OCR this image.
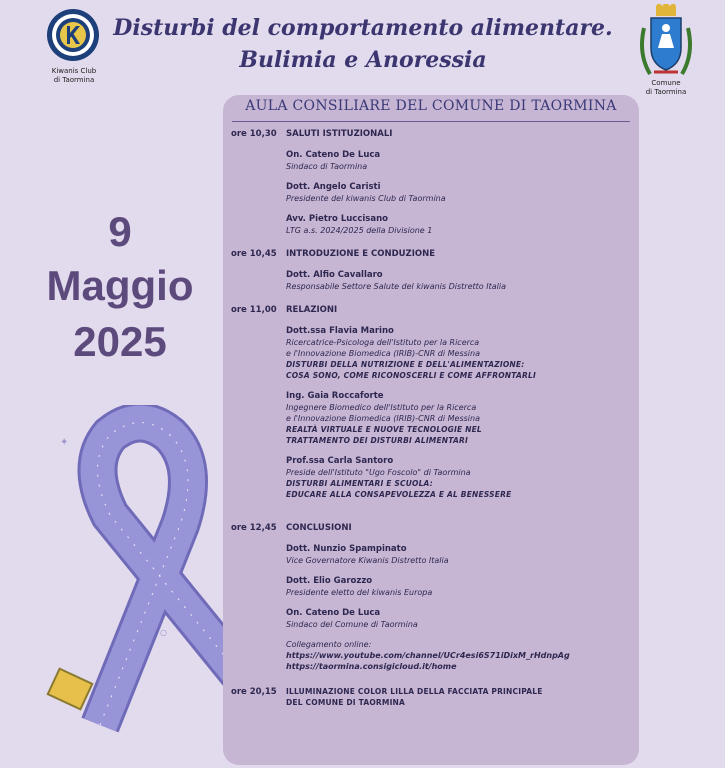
Kiwanis Club
di Taormina
Disturbi del comportamento alimentare.
Bulimia e Anoressia
Comune
di Taormina
9
Maggio
2025
✦
○
○
AULA CONSILIARE DEL COMUNE DI TAORMINA
ore 10,30	SALUTI ISTITUZIONALI
On. Cateno De Luca
Sindaco di Taormina
Dott. Angelo Caristi
Presidente del kiwanis Club di Taormina
Avv. Pietro Luccisano
LTG a.s. 2024/2025 della Divisione 1
ore 10,45	INTRODUZIONE E CONDUZIONE
Dott. Alfio Cavallaro
Responsabile Settore Salute del kiwanis Distretto Italia
ore 11,00	RELAZIONI
Dott.ssa Flavia Marino
Ricercatrice-Psicologa dell'Istituto per la Ricerca
e l'Innovazione Biomedica (IRIB)-CNR di Messina
DISTURBI DELLA NUTRIZIONE E DELL'ALIMENTAZIONE:
COSA SONO, COME RICONOSCERLI E COME AFFRONTARLI
Ing. Gaia Roccaforte
Ingegnere Biomedico dell'Istituto per la Ricerca
e l'Innovazione Biomedica (IRIB)-CNR di Messina
REALTÀ VIRTUALE E NUOVE TECNOLOGIE NEL
TRATTAMENTO DEI DISTURBI ALIMENTARI
Prof.ssa Carla Santoro
Preside dell'Istituto "Ugo Foscolo" di Taormina
DISTURBI ALIMENTARI E SCUOLA:
EDUCARE ALLA CONSAPEVOLEZZA E AL BENESSERE
ore 12,45	CONCLUSIONI
Dott. Nunzio Spampinato
Vice Governatore Kiwanis Distretto Italia
Dott. Elio Garozzo
Presidente eletto del kiwanis Europa
On. Cateno De Luca
Sindaco del Comune di Taormina
Collegamento online:
https://www.youtube.com/channel/UCr4esi6S71iDixM_rHdnpAg
https://taormina.consigicloud.it/home
ore 20,15	ILLUMINAZIONE COLOR LILLA DELLA FACCIATA PRINCIPALE
DEL COMUNE DI TAORMINA
